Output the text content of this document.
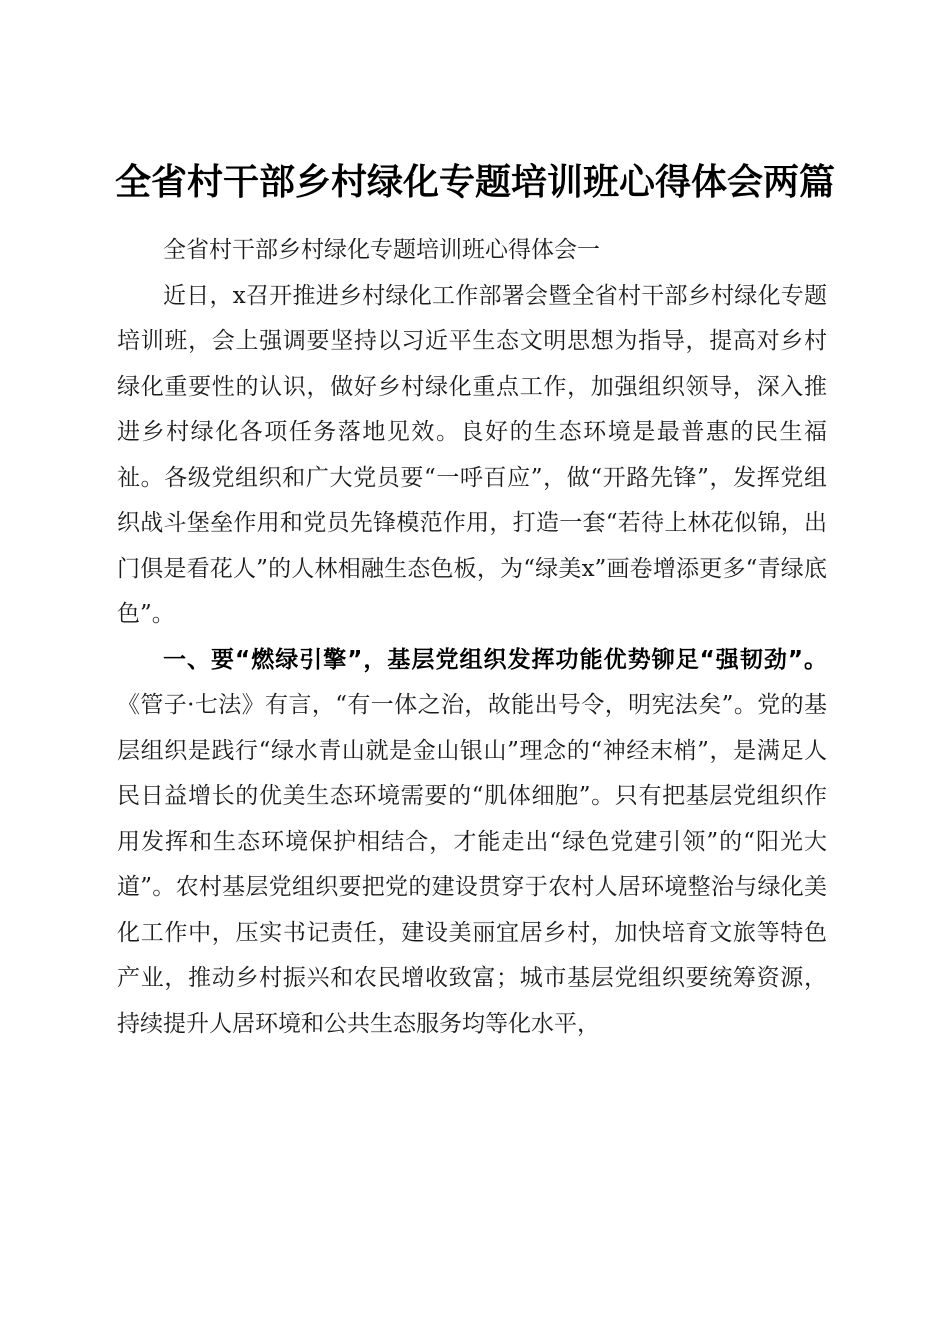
全省村干部乡村绿化专题培训班心得体会两篇

全省村干部乡村绿化专题培训班心得体会一

近日，x召开推进乡村绿化工作部署会暨全省村干部乡村绿化专题培训班，会上强调要坚持以习近平生态文明思想为指导，提高对乡村绿化重要性的认识，做好乡村绿化重点工作，加强组织领导，深入推进乡村绿化各项任务落地见效。良好的生态环境是最普惠的民生福祉。各级党组织和广大党员要“一呼百应”，做“开路先锋”，发挥党组织战斗堡垒作用和党员先锋模范作用，打造一套“若待上林花似锦，出门俱是看花人”的人林相融生态色板，为“绿美x”画卷增添更多“青绿底色”。

一、要“燃绿引擎”，基层党组织发挥功能优势铆足“强韧劲”。《管子·七法》有言，“有一体之治，故能出号令，明宪法矣”。党的基层组织是践行“绿水青山就是金山银山”理念的“神经末梢”，是满足人民日益增长的优美生态环境需要的“肌体细胞”。只有把基层党组织作用发挥和生态环境保护相结合，才能走出“绿色党建引领”的“阳光大道”。农村基层党组织要把党的建设贯穿于农村人居环境整治与绿化美化工作中，压实书记责任，建设美丽宜居乡村，加快培育文旅等特色产业，推动乡村振兴和农民增收致富；城市基层党组织要统筹资源，持续提升人居环境和公共生态服务均等化水平，
